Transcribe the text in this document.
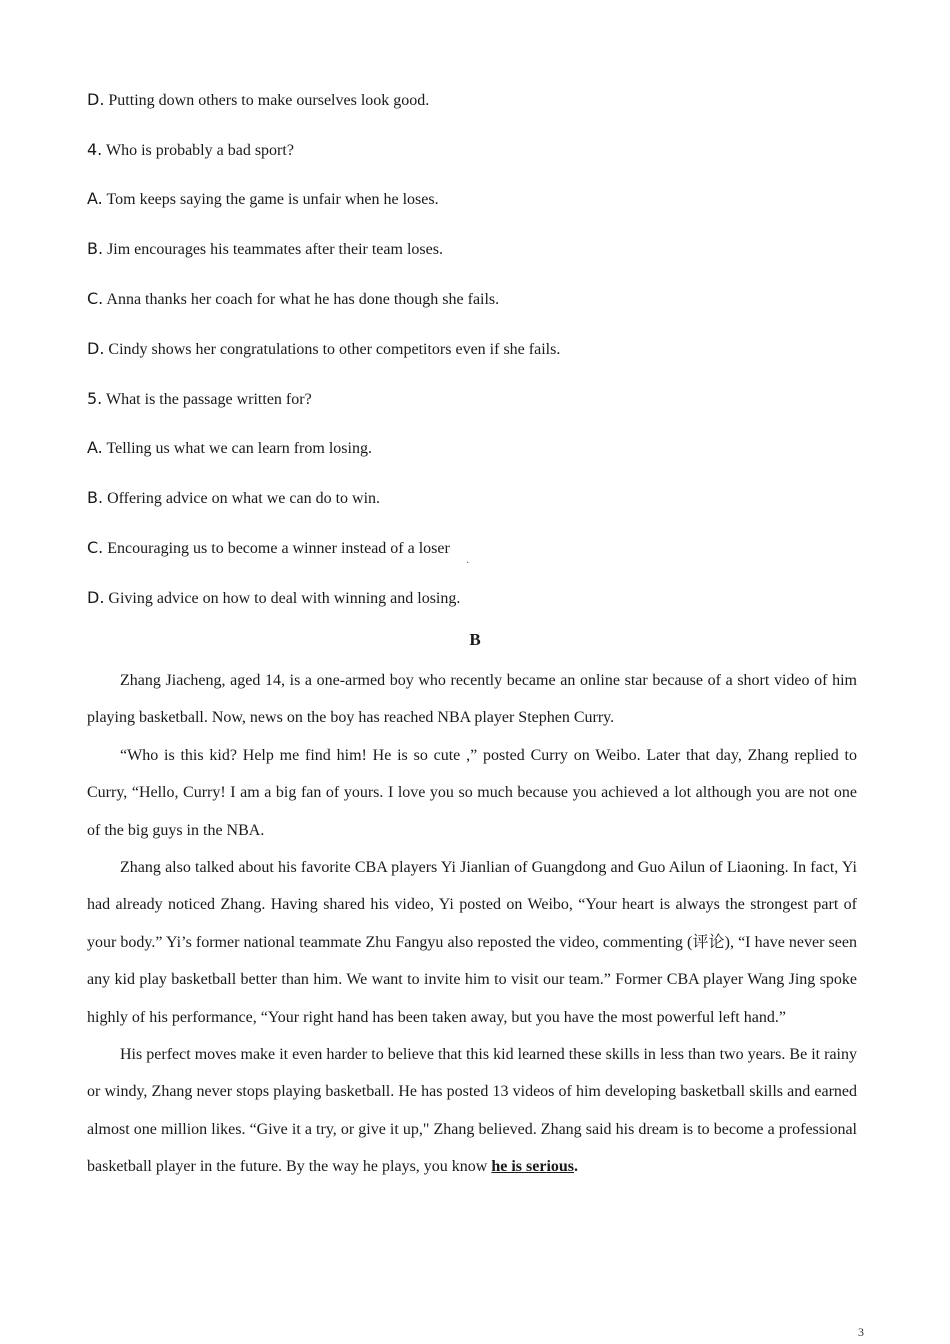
D. Putting down others to make ourselves look good.
4. Who is probably a bad sport?
A. Tom keeps saying the game is unfair when he loses.
B. Jim encourages his teammates after their team loses.
C. Anna thanks her coach for what he has done though she fails.
D. Cindy shows her congratulations to other competitors even if she fails.
5. What is the passage written for?
A. Telling us what we can learn from losing.
B. Offering advice on what we can do to win.
C. Encouraging us to become a winner instead of a loser
·
D. Giving advice on how to deal with winning and losing.
B

Zhang Jiacheng, aged 14, is a one-armed boy who recently became an online star because of a short video of him playing basketball. Now, news on the boy has reached NBA player Stephen Curry.

“Who is this kid? Help me find him! He is so cute ,” posted Curry on Weibo. Later that day, Zhang replied to Curry, “Hello, Curry! I am a big fan of yours. I love you so much because you achieved a lot although you are not one of the big guys in the NBA.

Zhang also talked about his favorite CBA players Yi Jianlian of Guangdong and Guo Ailun of Liaoning. In fact, Yi had already noticed Zhang. Having shared his video, Yi posted on Weibo, “Your heart is always the strongest part of your body.” Yi’s former national teammate Zhu Fangyu also reposted the video, commenting (评论), “I have never seen any kid play basketball better than him. We want to invite him to visit our team.” Former CBA player Wang Jing spoke highly of his performance, “Your right hand has been taken away, but you have the most powerful left hand.”

His perfect moves make it even harder to believe that this kid learned these skills in less than two years. Be it rainy or windy, Zhang never stops playing basketball. He has posted 13 videos of him developing basketball skills and earned almost one million likes. “Give it a try, or give it up," Zhang believed. Zhang said his dream is to become a professional basketball player in the future. By the way he plays, you know he is serious.

3
